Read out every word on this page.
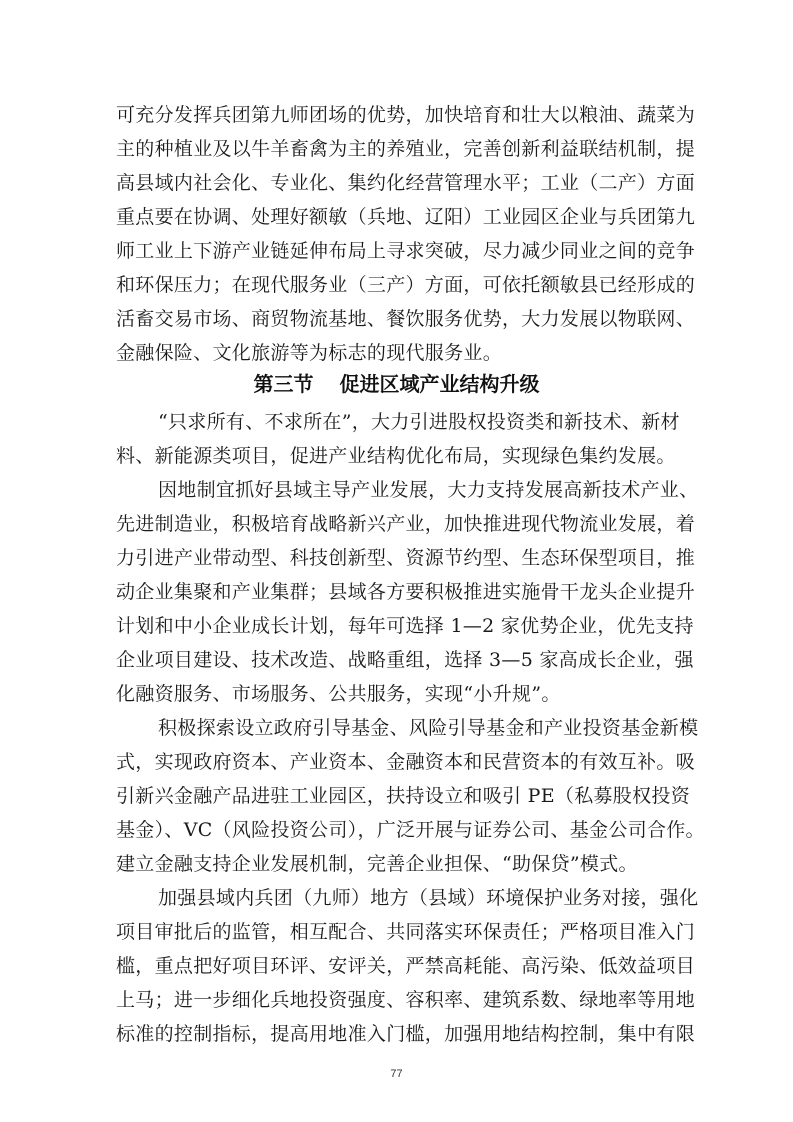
可充分发挥兵团第九师团场的优势，加快培育和壮大以粮油、蔬菜为
主的种植业及以牛羊畜禽为主的养殖业，完善创新利益联结机制，提
高县域内社会化、专业化、集约化经营管理水平；工业（二产）方面
重点要在协调、处理好额敏（兵地、辽阳）工业园区企业与兵团第九
师工业上下游产业链延伸布局上寻求突破，尽力减少同业之间的竞争
和环保压力；在现代服务业（三产）方面，可依托额敏县已经形成的
活畜交易市场、商贸物流基地、餐饮服务优势，大力发展以物联网、
金融保险、文化旅游等为标志的现代服务业。
第三节 促进区域产业结构升级
“只求所有、不求所在”，大力引进股权投资类和新技术、新材
料、新能源类项目，促进产业结构优化布局，实现绿色集约发展。
因地制宜抓好县域主导产业发展，大力支持发展高新技术产业、
先进制造业，积极培育战略新兴产业，加快推进现代物流业发展，着
力引进产业带动型、科技创新型、资源节约型、生态环保型项目，推
动企业集聚和产业集群；县域各方要积极推进实施骨干龙头企业提升
计划和中小企业成长计划，每年可选择 1—2 家优势企业，优先支持
企业项目建设、技术改造、战略重组，选择 3—5 家高成长企业，强
化融资服务、市场服务、公共服务，实现“小升规”。
积极探索设立政府引导基金、风险引导基金和产业投资基金新模
式，实现政府资本、产业资本、金融资本和民营资本的有效互补。吸
引新兴金融产品进驻工业园区，扶持设立和吸引 PE（私募股权投资
基金）、VC（风险投资公司），广泛开展与证券公司、基金公司合作。
建立金融支持企业发展机制，完善企业担保、“助保贷”模式。
加强县域内兵团（九师）地方（县域）环境保护业务对接，强化
项目审批后的监管，相互配合、共同落实环保责任；严格项目准入门
槛，重点把好项目环评、安评关，严禁高耗能、高污染、低效益项目
上马；进一步细化兵地投资强度、容积率、建筑系数、绿地率等用地
标准的控制指标，提高用地准入门槛，加强用地结构控制，集中有限
77
